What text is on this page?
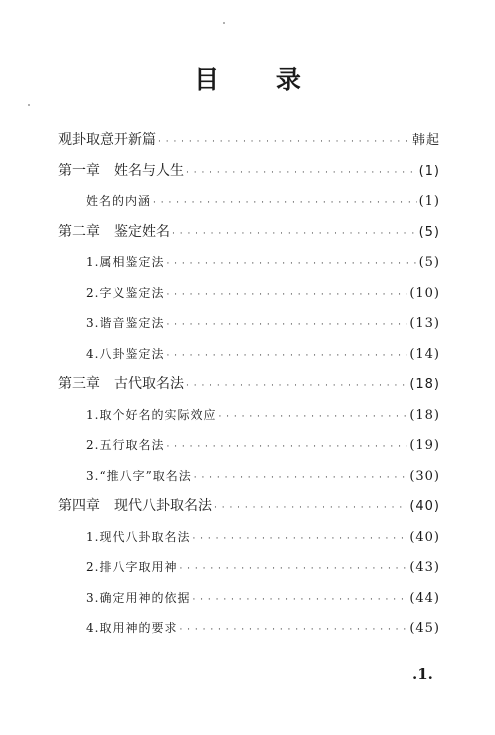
目 录
观卦取意开新篇 · · ·	韩起
第一章　姓名与人生 · · ·	(1)
姓名的内涵 · · ·	(1)
第二章　鉴定姓名 · · ·	(5)
1.属相鉴定法 · · ·	(5)
2.字义鉴定法 · · ·	(10)
3.谐音鉴定法 · · ·	(13)
4.八卦鉴定法 · · ·	(14)
第三章　古代取名法 · · ·	(18)
1.取个好名的实际效应 · · ·	(18)
2.五行取名法 · · ·	(19)
3.“推八字”取名法 · · ·	(30)
第四章　现代八卦取名法 · · ·	(40)
1.现代八卦取名法 · · ·	(40)
2.排八字取用神 · · ·	(43)
3.确定用神的依据 · · ·	(44)
4.取用神的要求 · · ·	(45)
.1.
